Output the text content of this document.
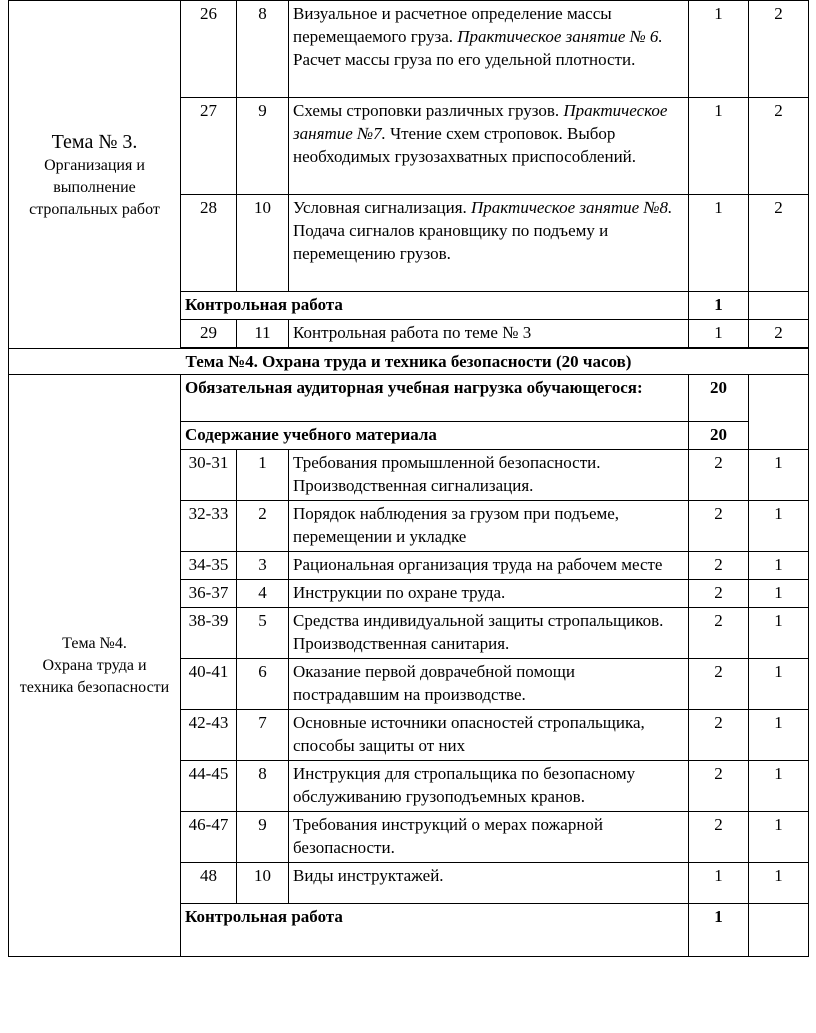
Тема № 3.
Организация и выполнение стропальных работ	26	8	Визуальное и расчетное определение массы перемещаемого груза. Практическое занятие № 6. Расчет массы груза по его удельной плотности.	1	2
	27	9	Схемы строповки различных грузов. Практическое занятие №7. Чтение схем строповок. Выбор необходимых грузозахватных приспособлений.	1	2
	28	10	Условная сигнализация. Практическое занятие №8. Подача сигналов крановщику по подъему и перемещению грузов.	1	2
	Контрольная работа			1	
	29	11	Контрольная работа по теме № 3	1	2

Тема №4. Охрана труда и техника безопасности (20 часов)					

Тема №4.
Охрана труда и техника безопасности	Обязательная аудиторная учебная нагрузка обучающегося:			20	
	Содержание учебного материала			20	
	30-31	1	Требования промышленной безопасности. Производственная сигнализация.	2	1
	32-33	2	Порядок наблюдения за грузом при подъеме, перемещении и укладке	2	1
	34-35	3	Рациональная организация труда на рабочем месте	2	1
	36-37	4	Инструкции по охране труда.	2	1
	38-39	5	Средства индивидуальной защиты стропальщиков. Производственная санитария.	2	1
	40-41	6	Оказание первой доврачебной помощи пострадавшим на производстве.	2	1
	42-43	7	Основные источники опасностей стропальщика, способы защиты от них	2	1
	44-45	8	Инструкция для стропальщика по безопасному обслуживанию грузоподъемных кранов.	2	1
	46-47	9	Требования инструкций о мерах пожарной безопасности.	2	1
	48	10	Виды инструктажей.	1	1
	Контрольная работа			1	
